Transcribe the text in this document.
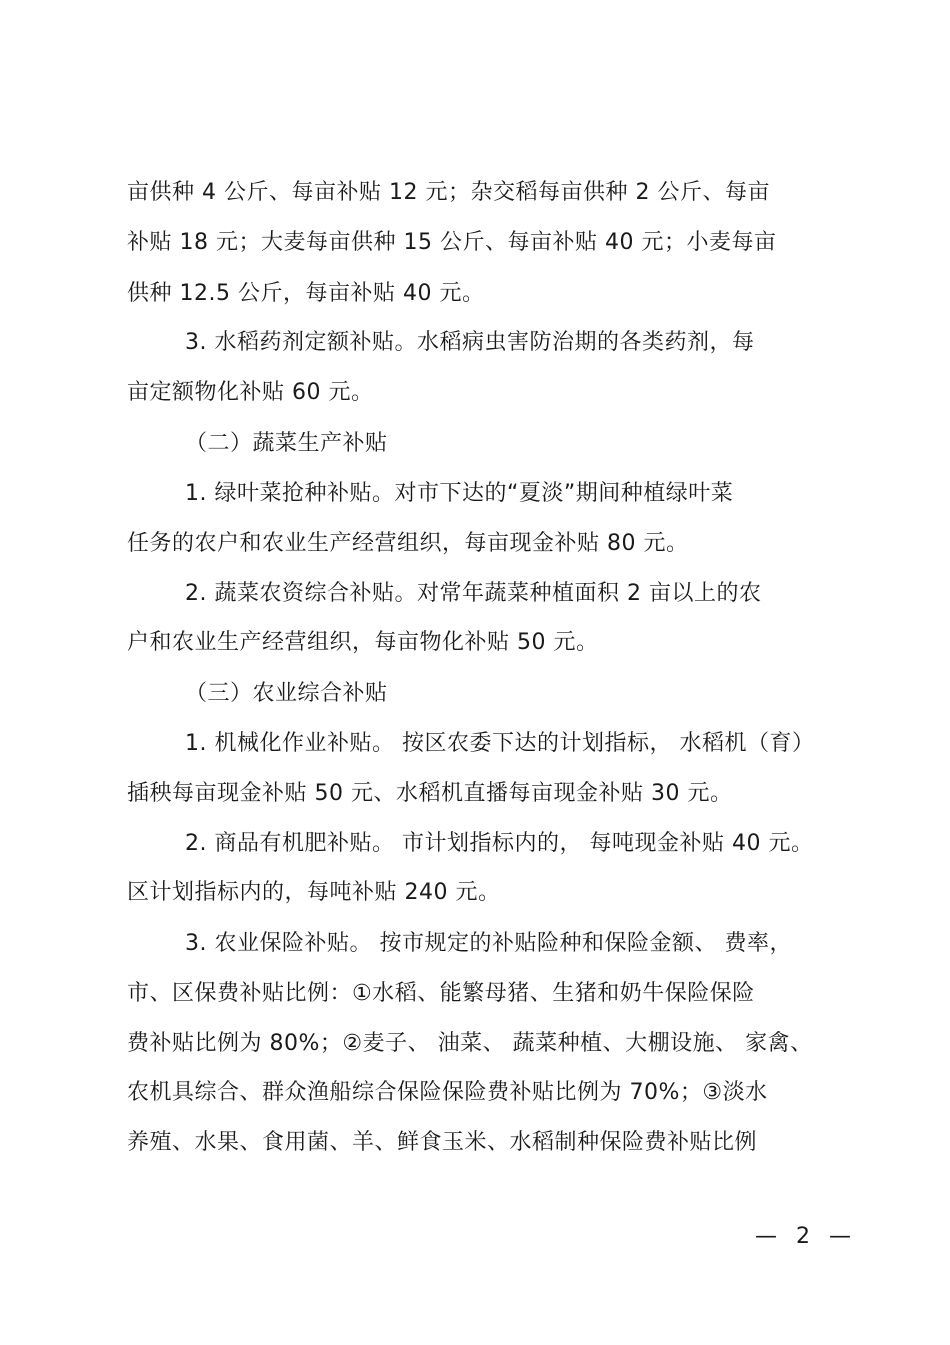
亩供种 4 公斤、每亩补贴 12 元；杂交稻每亩供种 2 公斤、每亩
补贴 18 元；大麦每亩供种 15 公斤、每亩补贴 40 元；小麦每亩
供种 12.5 公斤，每亩补贴 40 元。
3. 水稻药剂定额补贴。水稻病虫害防治期的各类药剂，每
亩定额物化补贴 60 元。
（二）蔬菜生产补贴
1. 绿叶菜抢种补贴。对市下达的“夏淡”期间种植绿叶菜
任务的农户和农业生产经营组织，每亩现金补贴 80 元。
2. 蔬菜农资综合补贴。对常年蔬菜种植面积 2 亩以上的农
户和农业生产经营组织，每亩物化补贴 50 元。
（三）农业综合补贴
1. 机械化作业补贴。 按区农委下达的计划指标， 水稻机（育）
插秧每亩现金补贴 50 元、水稻机直播每亩现金补贴 30 元。
2. 商品有机肥补贴。 市计划指标内的， 每吨现金补贴 40 元。
区计划指标内的，每吨补贴 240 元。
3. 农业保险补贴。 按市规定的补贴险种和保险金额、 费率，
市、区保费补贴比例：①水稻、能繁母猪、生猪和奶牛保险保险
费补贴比例为 80%；②麦子、 油菜、 蔬菜种植、大棚设施、 家禽、
农机具综合、群众渔船综合保险保险费补贴比例为 70%；③淡水
养殖、水果、食用菌、羊、鲜食玉米、水稻制种保险费补贴比例
— 2 —
